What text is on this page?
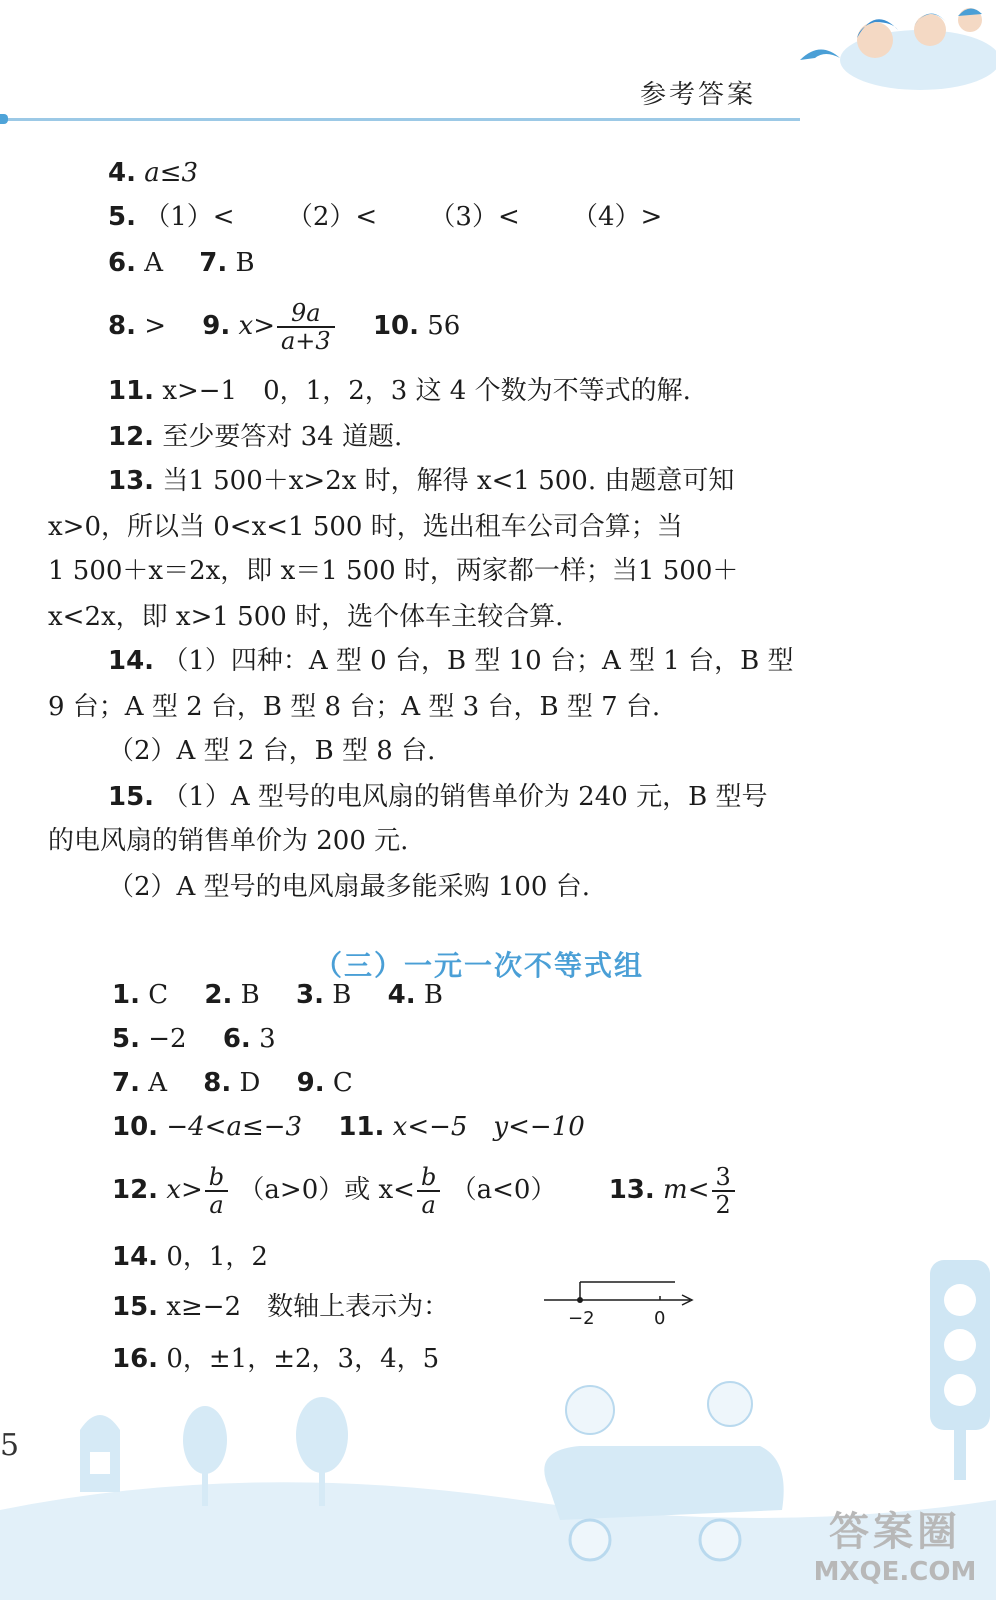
参考答案
4. a≤3
5. （1）< （2）< （3）< （4）>
6. A 7. B
8. > 9. $x> \frac{9a}{a+3} 10$. 56
11. x>−1　0，1，2，3 这 4 个数为不等式的解.
12. 至少要答对 34 道题.
13. 当1 500＋x>2x 时，解得 x<1 500. 由题意可知
x>0，所以当 0<x<1 500 时，选出租车公司合算；当
1 500＋x＝2x，即 x＝1 500 时，两家都一样；当1 500＋
x<2x，即 x>1 500 时，选个体车主较合算.
14. （1）四种：A 型 0 台，B 型 10 台；A 型 1 台，B 型
9 台；A 型 2 台，B 型 8 台；A 型 3 台，B 型 7 台.
（2）A 型 2 台，B 型 8 台.
15. （1）A 型号的电风扇的销售单价为 240 元，B 型号
的电风扇的销售单价为 200 元.
（2）A 型号的电风扇最多能采购 100 台.
（三）一元一次不等式组
1. C 2. B 3. B 4. B
5. −2 6. 3
7. A 8. D 9. C
10. −4<a≤−3 11. x<−5　y<−10
12. $x> \frac{b}{a} (a>0)$或 $x< \frac{b}{a} (a<0)$ 13. $m< \frac{3}{2}$
14. 0，1，2
15. x≥−2　数轴上表示为：	−2	0
16. 0，±1，±2，3，4，5
5
答案圈
MXQE.COM
